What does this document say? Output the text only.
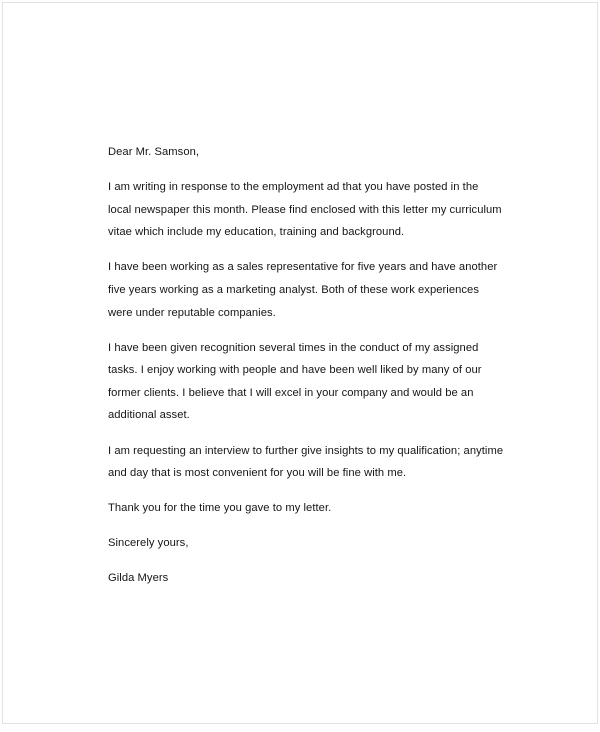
Dear Mr. Samson,

I am writing in response to the employment ad that you have posted in the local newspaper this month. Please find enclosed with this letter my curriculum vitae which include my education, training and background.

I have been working as a sales representative for five years and have another five years working as a marketing analyst. Both of these work experiences were under reputable companies.

I have been given recognition several times in the conduct of my assigned tasks. I enjoy working with people and have been well liked by many of our former clients. I believe that I will excel in your company and would be an additional asset.

I am requesting an interview to further give insights to my qualification; anytime and day that is most convenient for you will be fine with me.

Thank you for the time you gave to my letter.

Sincerely yours,

Gilda Myers
